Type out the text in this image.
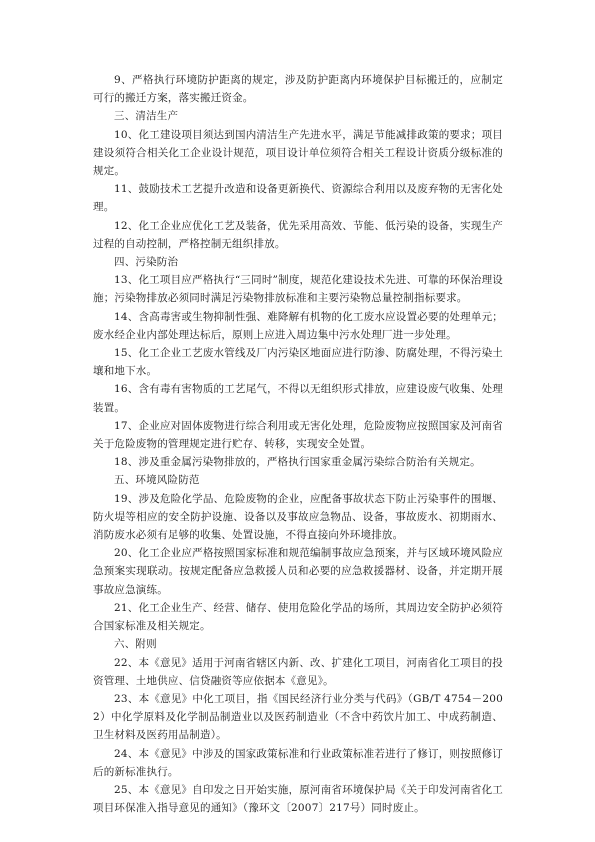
9、严格执行环境防护距离的规定，涉及防护距离内环境保护目标搬迁的，应制定可行的搬迁方案，落实搬迁资金。

三、清洁生产

10、化工建设项目须达到国内清洁生产先进水平，满足节能减排政策的要求；项目建设须符合相关化工企业设计规范，项目设计单位须符合相关工程设计资质分级标准的规定。

11、鼓励技术工艺提升改造和设备更新换代、资源综合利用以及废弃物的无害化处理。

12、化工企业应优化工艺及装备，优先采用高效、节能、低污染的设备，实现生产过程的自动控制，严格控制无组织排放。

四、污染防治

13、化工项目应严格执行“三同时”制度，规范化建设技术先进、可靠的环保治理设施；污染物排放必须同时满足污染物排放标准和主要污染物总量控制指标要求。

14、含高毒害或生物抑制性强、难降解有机物的化工废水应设置必要的处理单元；废水经企业内部处理达标后，原则上应进入周边集中污水处理厂进一步处理。

15、化工企业工艺废水管线及厂内污染区地面应进行防渗、防腐处理，不得污染土壤和地下水。

16、含有毒有害物质的工艺尾气，不得以无组织形式排放，应建设废气收集、处理装置。

17、企业应对固体废物进行综合利用或无害化处理，危险废物应按照国家及河南省关于危险废物的管理规定进行贮存、转移，实现安全处置。

18、涉及重金属污染物排放的，严格执行国家重金属污染综合防治有关规定。

五、环境风险防范

19、涉及危险化学品、危险废物的企业，应配备事故状态下防止污染事件的围堰、防火堤等相应的安全防护设施、设备以及事故应急物品、设备，事故废水、初期雨水、消防废水必须有足够的收集、处置设施，不得直接向外环境排放。

20、化工企业应严格按照国家标准和规范编制事故应急预案，并与区域环境风险应急预案实现联动。按规定配备应急救援人员和必要的应急救援器材、设备，并定期开展事故应急演练。

21、化工企业生产、经营、储存、使用危险化学品的场所，其周边安全防护必须符合国家标准及相关规定。

六、附则

22、本《意见》适用于河南省辖区内新、改、扩建化工项目，河南省化工项目的投资管理、土地供应、信贷融资等应依据本《意见》。

23、本《意见》中化工项目，指《国民经济行业分类与代码》（GB/T 4754－2002）中化学原料及化学制品制造业以及医药制造业（不含中药饮片加工、中成药制造、卫生材料及医药用品制造）。

24、本《意见》中涉及的国家政策标准和行业政策标准若进行了修订，则按照修订后的新标准执行。

25、本《意见》自印发之日开始实施，原河南省环境保护局《关于印发河南省化工项目环保准入指导意见的通知》（豫环文〔2007〕217号）同时废止。
